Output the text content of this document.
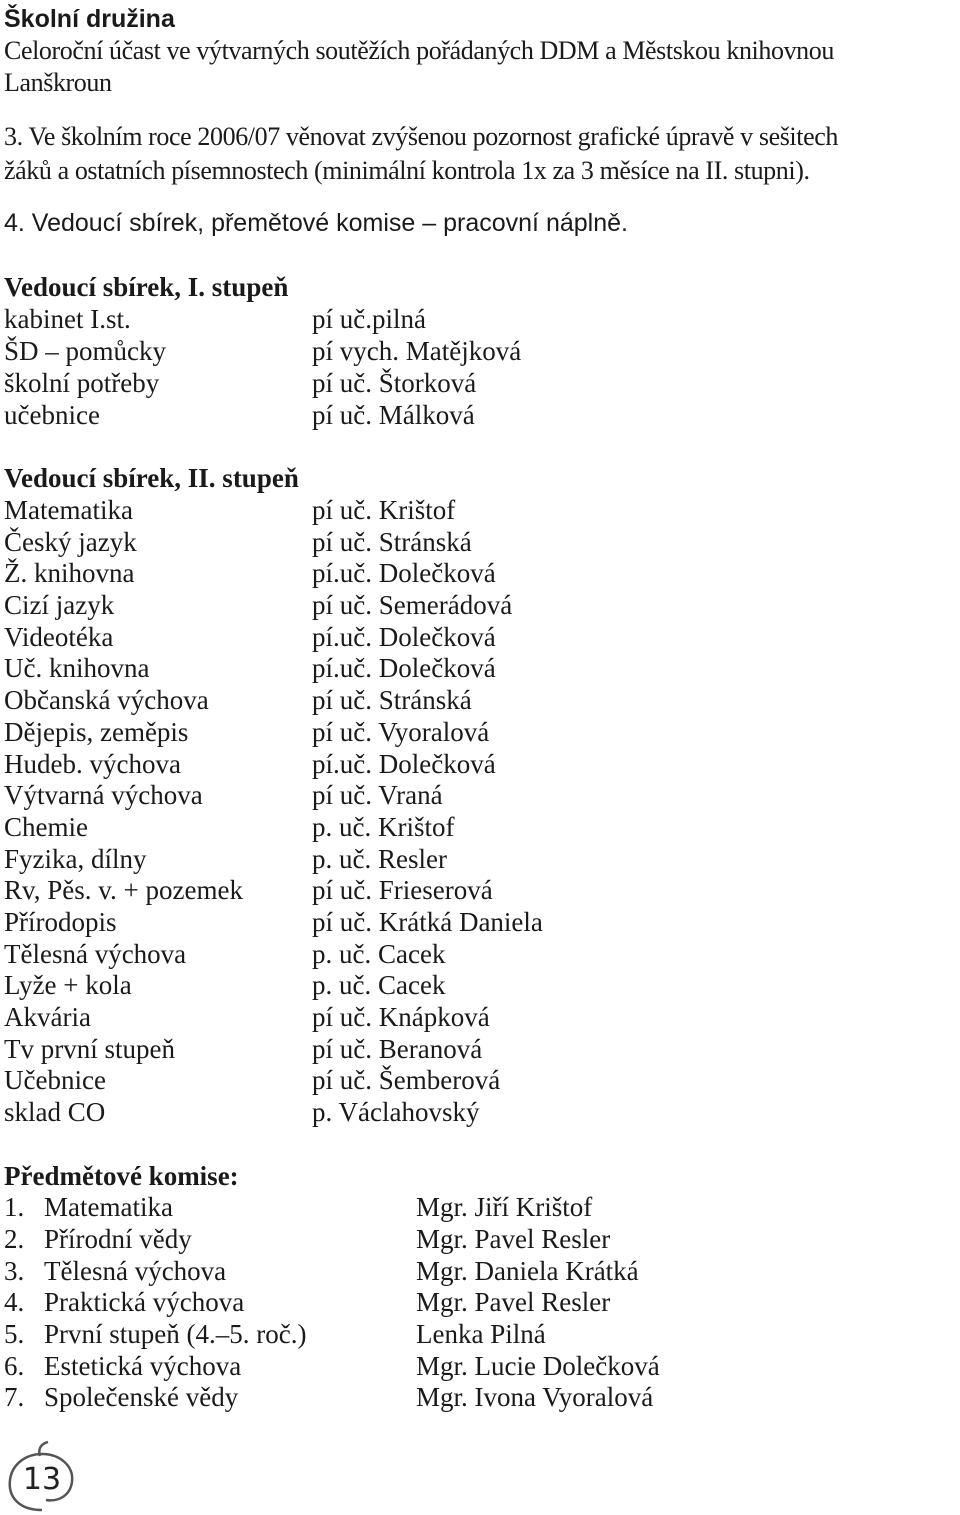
Školní družina
Celoroční účast ve výtvarných soutěžích pořádaných DDM a Městskou knihovnou
Lanškroun
3. Ve školním roce 2006/07 věnovat zvýšenou pozornost grafické úpravě v sešitech
žáků a ostatních písemnostech (minimální kontrola 1x za 3 měsíce na II. stupni).
4. Vedoucí sbírek, přemětové komise – pracovní náplně.
Vedoucí sbírek, I. stupeň
kabinet I.st.	pí uč.pilná
ŠD – pomůcky	pí vych. Matějková
školní potřeby	pí uč. Štorková
učebnice	pí uč. Málková
Vedoucí sbírek, II. stupeň
Matematika	pí uč. Krištof
Český jazyk	pí uč. Stránská
Ž. knihovna	pí.uč. Dolečková
Cizí jazyk	pí uč. Semerádová
Videotéka	pí.uč. Dolečková
Uč. knihovna	pí.uč. Dolečková
Občanská výchova	pí uč. Stránská
Dějepis, zeměpis	pí uč. Vyoralová
Hudeb. výchova	pí.uč. Dolečková
Výtvarná výchova	pí uč. Vraná
Chemie	p. uč. Krištof
Fyzika, dílny	p. uč. Resler
Rv, Pěs. v. + pozemek	pí uč. Frieserová
Přírodopis	pí uč. Krátká Daniela
Tělesná výchova	p. uč. Cacek
Lyže + kola	p. uč. Cacek
Akvária	pí uč. Knápková
Tv první stupeň	pí uč. Beranová
Učebnice	pí uč. Šemberová
sklad CO	p. Václahovský
Předmětové komise:
1. Matematika	Mgr. Jiří Krištof
2. Přírodní vědy	Mgr. Pavel Resler
3. Tělesná výchova	Mgr. Daniela Krátká
4. Praktická výchova	Mgr. Pavel Resler
5. První stupeň (4.–5. roč.)	Lenka Pilná
6. Estetická výchova	Mgr. Lucie Dolečková
7. Společenské vědy	Mgr. Ivona Vyoralová
13
